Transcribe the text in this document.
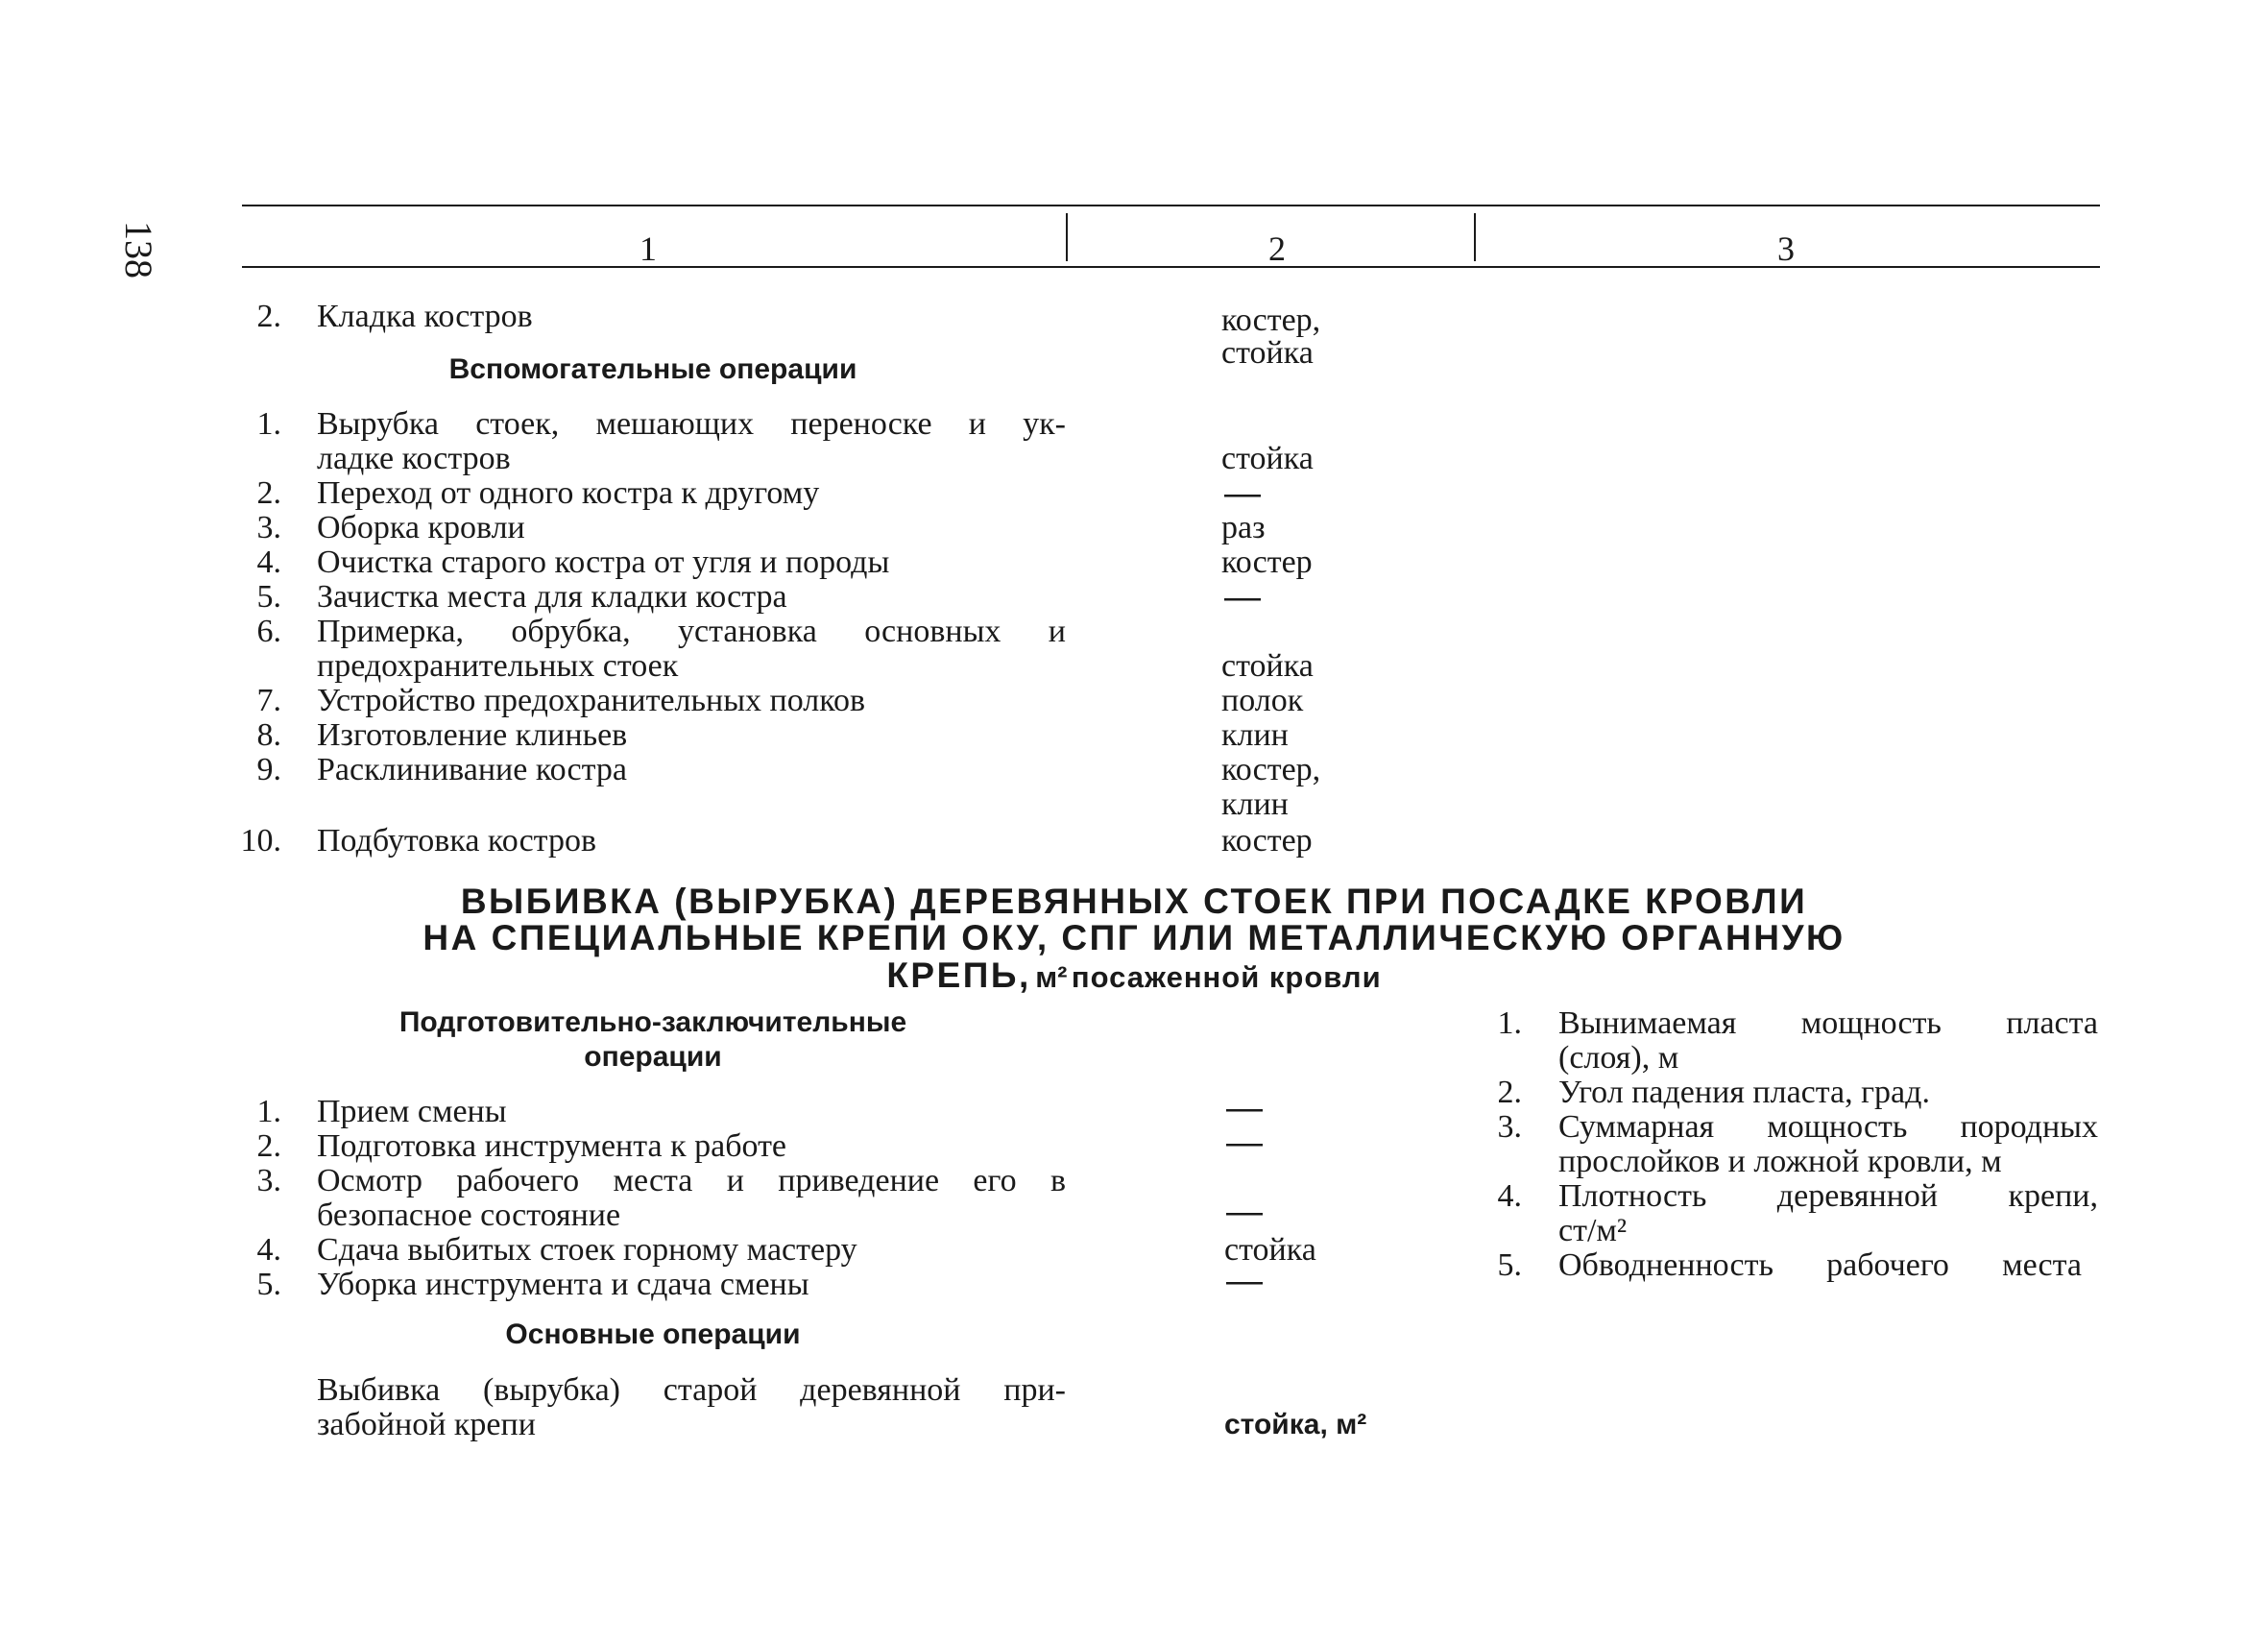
138	1	2	3
2. Кладка костров	костер,
стойка
Вспомогательные операции
1. Вырубка стоек, мешающих переноске и ук-
ладке костров	стойка
2. Переход от одного костра к другому	—
3. Оборка кровли	раз
4. Очистка старого костра от угля и породы	костер
5. Зачистка места для кладки костра	—
6. Примерка, обрубка, установка основных и
предохранительных стоек	стойка
7. Устройство предохранительных полков	полок
8. Изготовление клиньев	клин
9. Расклинивание костра	костер,
клин
10. Подбутовка костров	костер
ВЫБИВКА (ВЫРУБКА) ДЕРЕВЯННЫХ СТОЕК ПРИ ПОСАДКЕ КРОВЛИ
НА СПЕЦИАЛЬНЫЕ КРЕПИ ОКУ, СПГ ИЛИ МЕТАЛЛИЧЕСКУЮ ОРГАННУЮ
КРЕПЬ, м² посаженной кровли
Подготовительно-заключительные
операции
1. Прием смены	—
2. Подготовка инструмента к работе	—
3. Осмотр рабочего места и приведение его в
безопасное состояние	—
4. Сдача выбитых стоек горному мастеру	стойка
5. Уборка инструмента и сдача смены	—
Основные операции
Выбивка (вырубка) старой деревянной при-
забойной крепи	стойка, м²
1. Вынимаемая мощность пласта
(слоя), м
2. Угол падения пласта, град.
3. Суммарная мощность породных
прослойков и ложной кровли, м
4. Плотность деревянной крепи,
ст/м²
5. Обводненность рабочего места
